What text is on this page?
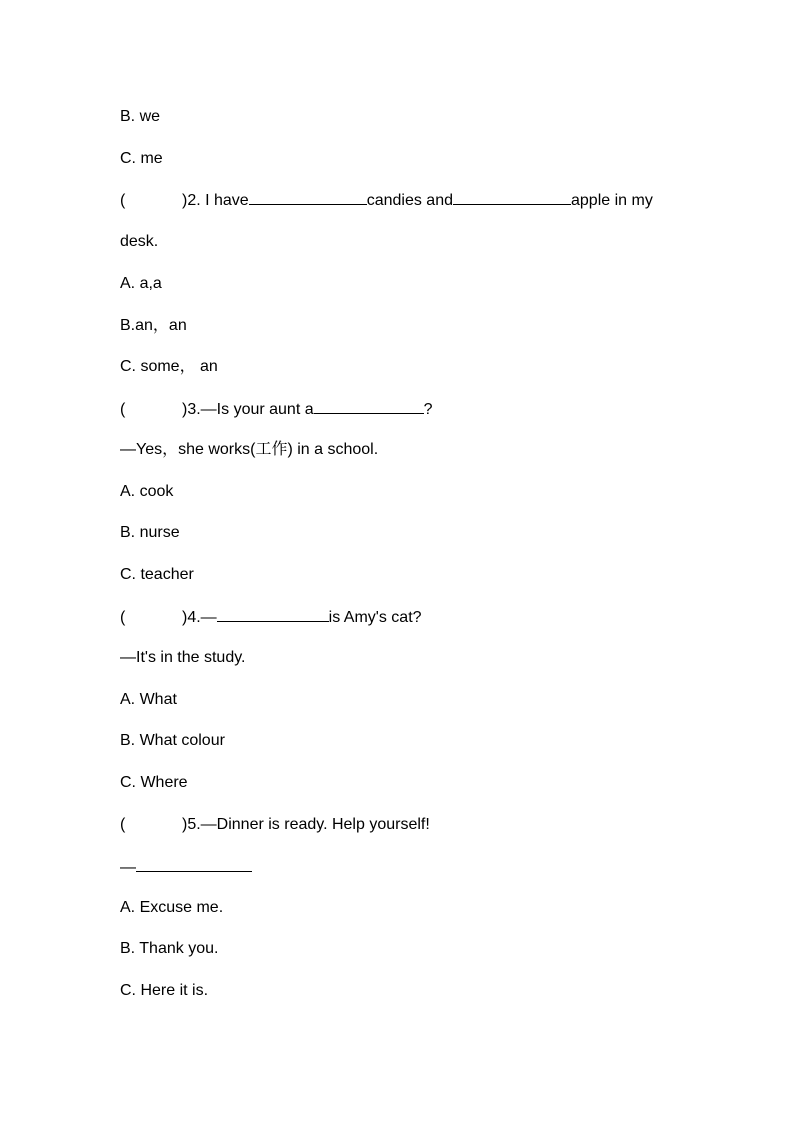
B. we
C. me
(	)2. I have	candies and	apple in my
desk.
A. a,a
B.an，an
C. some， an
(	)3.—Is your aunt a	?
—Yes，she works(工作) in a school.
A. cook
B. nurse
C. teacher
(	)4.—	is Amy's cat?
—It's in the study.
A. What
B. What colour
C. Where
(	)5.—Dinner is ready. Help yourself!
—
A. Excuse me.
B. Thank you.
C. Here it is.
